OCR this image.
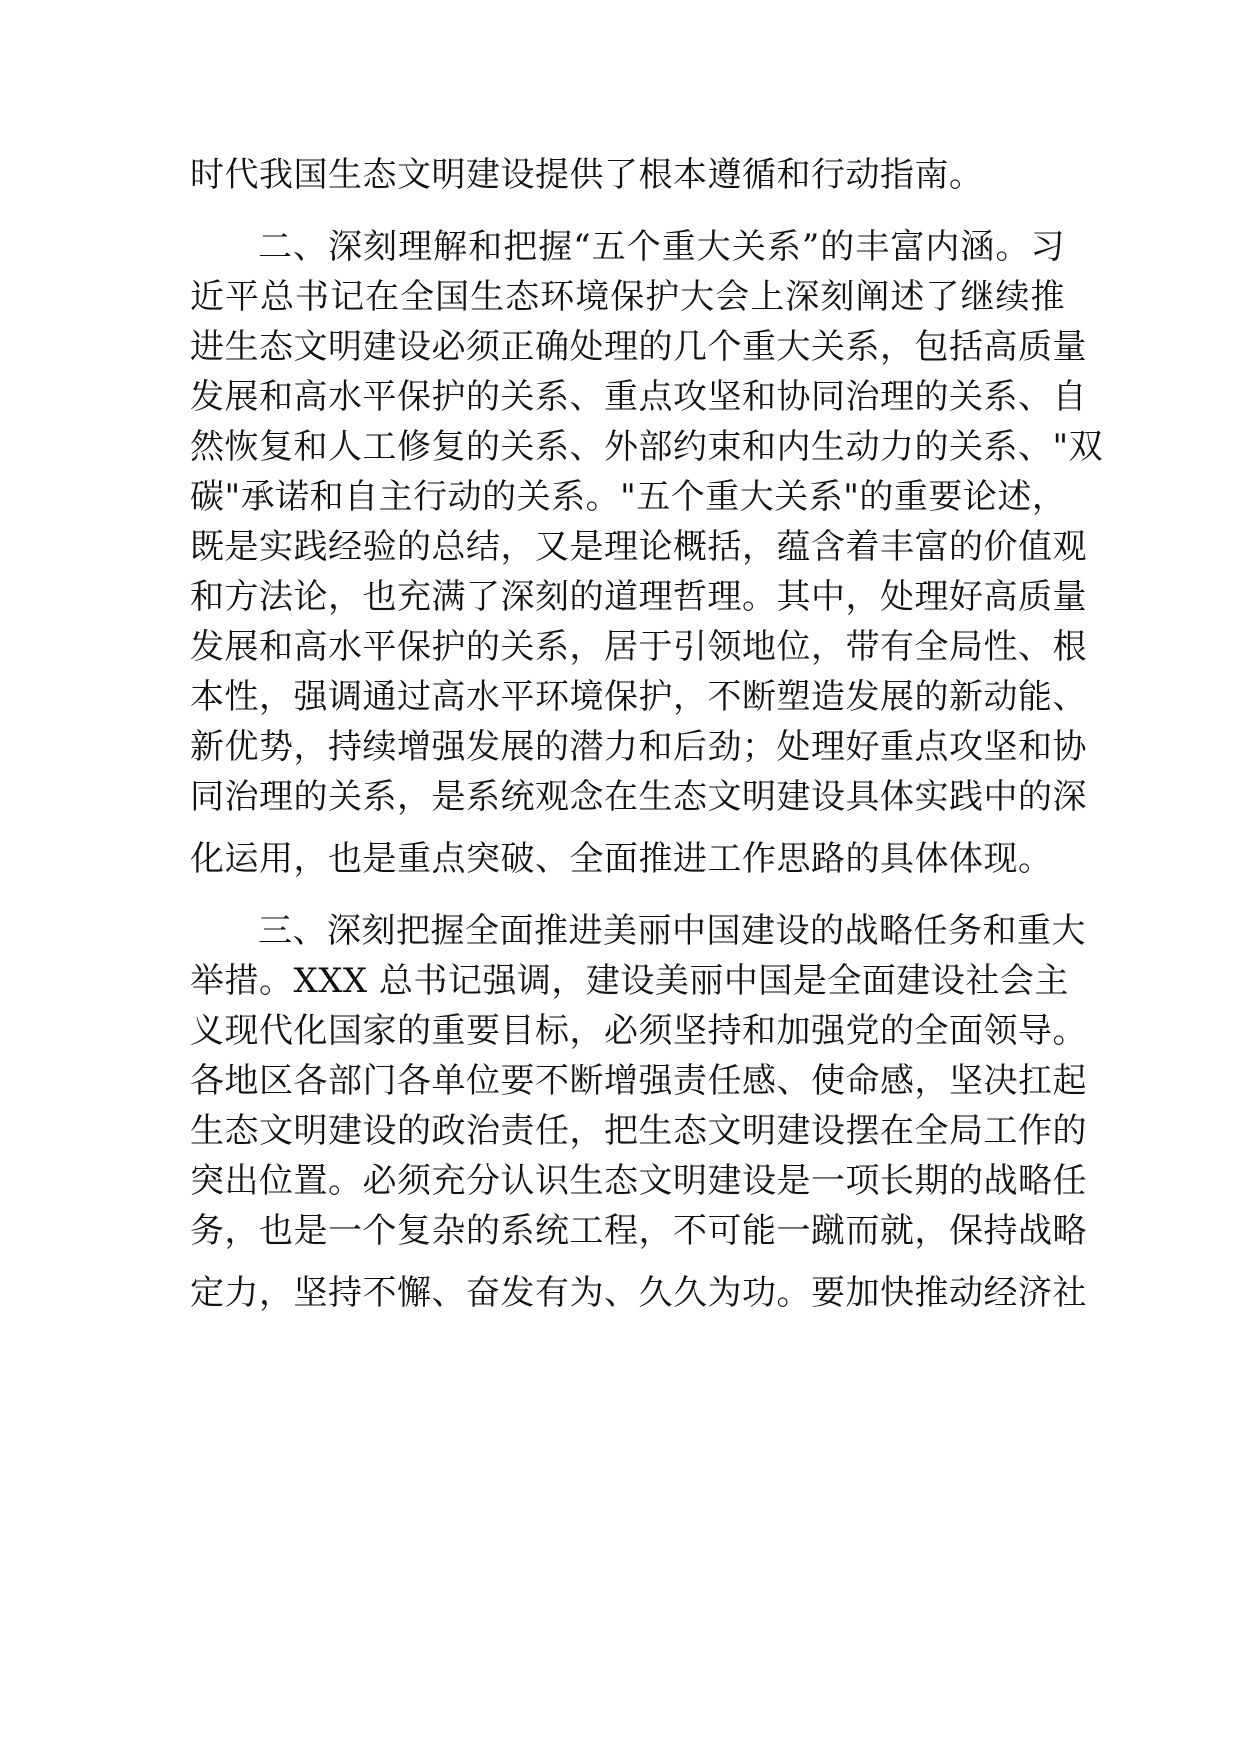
时代我国生态文明建设提供了根本遵循和行动指南。
二、深刻理解和把握“五个重大关系”的丰富内涵。习
近平总书记在全国生态环境保护大会上深刻阐述了继续推
进生态文明建设必须正确处理的几个重大关系，包括高质量
发展和高水平保护的关系、重点攻坚和协同治理的关系、自
然恢复和人工修复的关系、外部约束和内生动力的关系、"双
碳"承诺和自主行动的关系。"五个重大关系"的重要论述，
既是实践经验的总结，又是理论概括，蕴含着丰富的价值观
和方法论，也充满了深刻的道理哲理。其中，处理好高质量
发展和高水平保护的关系，居于引领地位，带有全局性、根
本性，强调通过高水平环境保护，不断塑造发展的新动能、
新优势，持续增强发展的潜力和后劲；处理好重点攻坚和协
同治理的关系，是系统观念在生态文明建设具体实践中的深
化运用，也是重点突破、全面推进工作思路的具体体现。
三、深刻把握全面推进美丽中国建设的战略任务和重大
举措。XXX 总书记强调，建设美丽中国是全面建设社会主
义现代化国家的重要目标，必须坚持和加强党的全面领导。
各地区各部门各单位要不断增强责任感、使命感，坚决扛起
生态文明建设的政治责任，把生态文明建设摆在全局工作的
突出位置。必须充分认识生态文明建设是一项长期的战略任
务，也是一个复杂的系统工程，不可能一蹴而就，保持战略
定力，坚持不懈、奋发有为、久久为功。要加快推动经济社
